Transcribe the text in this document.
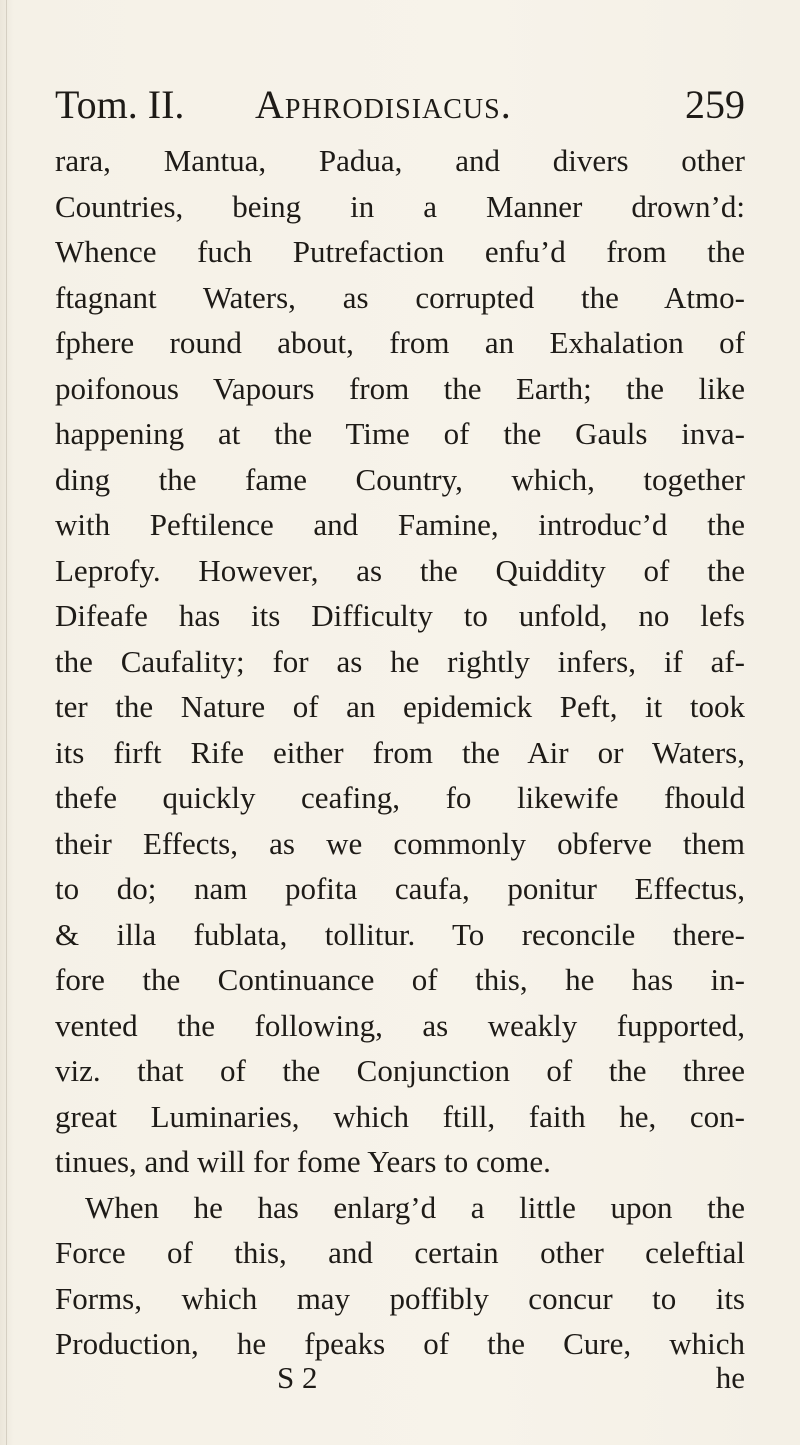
Tom. II. Aphrodisiacus.	259
rara, Mantua, Padua, and divers other
Countries, being in a Manner drown’d:
Whence fuch Putrefaction enfu’d from the
ftagnant Waters, as corrupted the Atmo-
fphere round about, from an Exhalation of
poifonous Vapours from the Earth; the like
happening at the Time of the Gauls inva-
ding the fame Country, which, together
with Peftilence and Famine, introduc’d the
Leprofy. However, as the Quiddity of the
Difeafe has its Difficulty to unfold, no lefs
the Caufality; for as he rightly infers, if af-
ter the Nature of an epidemick Peft, it took
its firft Rife either from the Air or Waters,
thefe quickly ceafing, fo likewife fhould
their Effects, as we commonly obferve them
to do; nam pofita caufa, ponitur Effectus,
& illa fublata, tollitur. To reconcile there-
fore the Continuance of this, he has in-
vented the following, as weakly fupported,
viz. that of the Conjunction of the three
great Luminaries, which ftill, faith he, con-
tinues, and will for fome Years to come.
When he has enlarg’d a little upon the
Force of this, and certain other celeftial
Forms, which may poffibly concur to its
Production, he fpeaks of the Cure, which
S 2	he
